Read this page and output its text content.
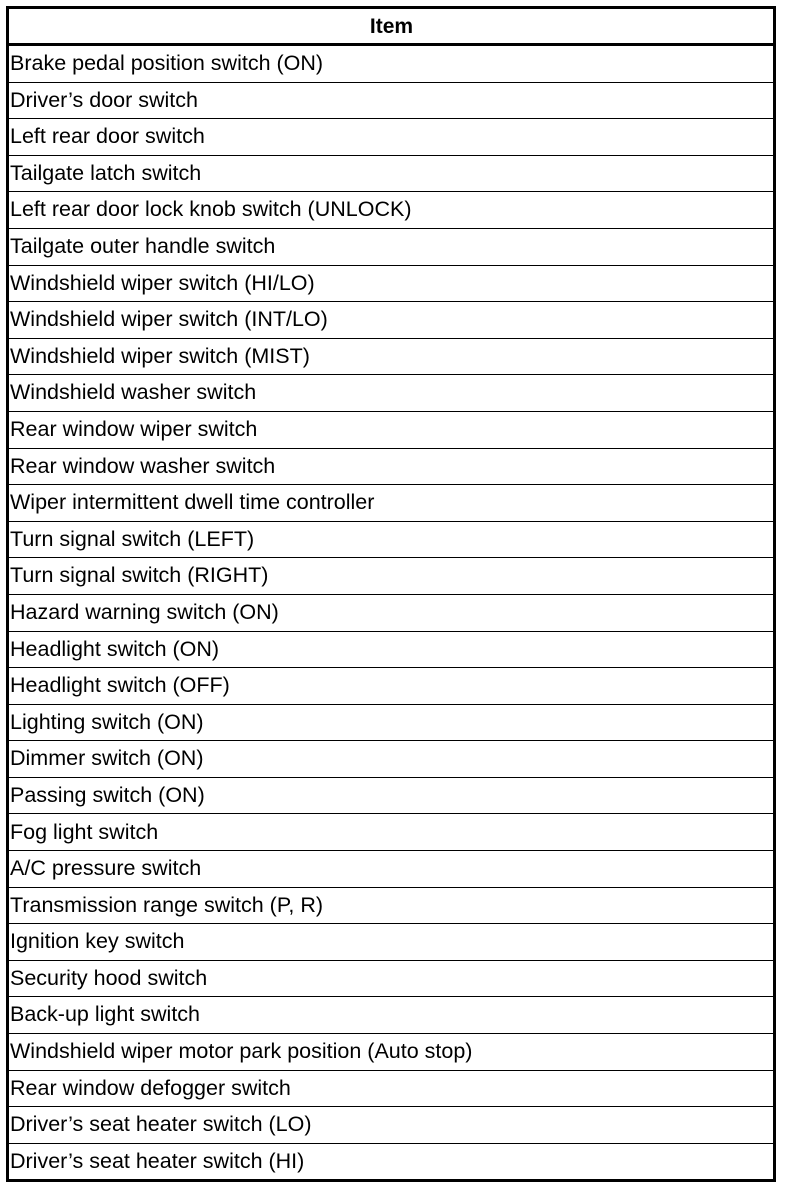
Item
Brake pedal position switch (ON)
Driver’s door switch
Left rear door switch
Tailgate latch switch
Left rear door lock knob switch (UNLOCK)
Tailgate outer handle switch
Windshield wiper switch (HI/LO)
Windshield wiper switch (INT/LO)
Windshield wiper switch (MIST)
Windshield washer switch
Rear window wiper switch
Rear window washer switch
Wiper intermittent dwell time controller
Turn signal switch (LEFT)
Turn signal switch (RIGHT)
Hazard warning switch (ON)
Headlight switch (ON)
Headlight switch (OFF)
Lighting switch (ON)
Dimmer switch (ON)
Passing switch (ON)
Fog light switch
A/C pressure switch
Transmission range switch (P, R)
Ignition key switch
Security hood switch
Back-up light switch
Windshield wiper motor park position (Auto stop)
Rear window defogger switch
Driver’s seat heater switch (LO)
Driver’s seat heater switch (HI)
